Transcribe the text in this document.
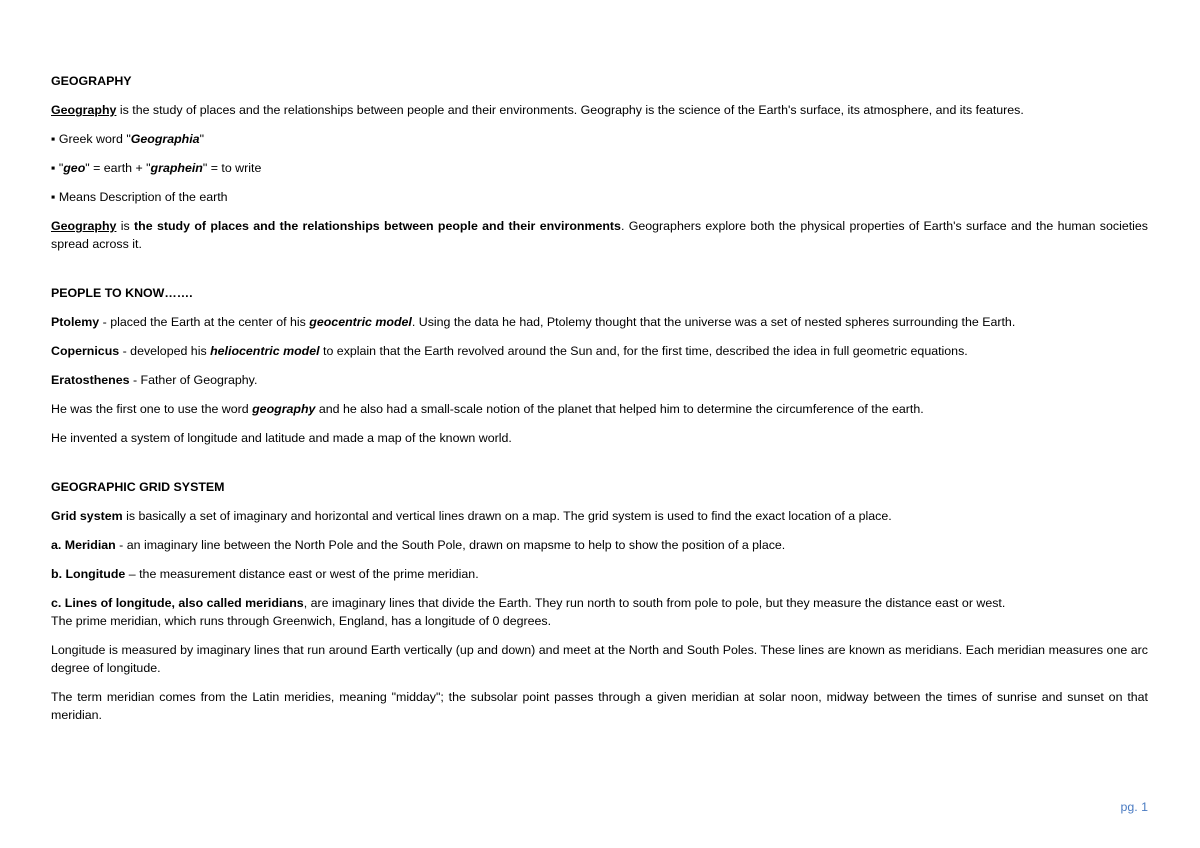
GEOGRAPHY

Geography is the study of places and the relationships between people and their environments. Geography is the science of the Earth's surface, its atmosphere, and its features.

▪ Greek word "Geographia"

▪ "geo" = earth + "graphein" = to write

▪ Means Description of the earth

Geography is the study of places and the relationships between people and their environments. Geographers explore both the physical properties of Earth's surface and the human societies spread across it.

PEOPLE TO KNOW…….

Ptolemy - placed the Earth at the center of his geocentric model. Using the data he had, Ptolemy thought that the universe was a set of nested spheres surrounding the Earth.

Copernicus - developed his heliocentric model to explain that the Earth revolved around the Sun and, for the first time, described the idea in full geometric equations.

Eratosthenes - Father of Geography.

He was the first one to use the word geography and he also had a small-scale notion of the planet that helped him to determine the circumference of the earth.

He invented a system of longitude and latitude and made a map of the known world.

GEOGRAPHIC GRID SYSTEM

Grid system is basically a set of imaginary and horizontal and vertical lines drawn on a map. The grid system is used to find the exact location of a place.

a. Meridian - an imaginary line between the North Pole and the South Pole, drawn on mapsme to help to show the position of a place.

b. Longitude – the measurement distance east or west of the prime meridian.

c. Lines of longitude, also called meridians, are imaginary lines that divide the Earth. They run north to south from pole to pole, but they measure the distance east or west.

The prime meridian, which runs through Greenwich, England, has a longitude of 0 degrees.

Longitude is measured by imaginary lines that run around Earth vertically (up and down) and meet at the North and South Poles. These lines are known as meridians. Each meridian measures one arc degree of longitude.

The term meridian comes from the Latin meridies, meaning "midday"; the subsolar point passes through a given meridian at solar noon, midway between the times of sunrise and sunset on that meridian.

pg. 1
